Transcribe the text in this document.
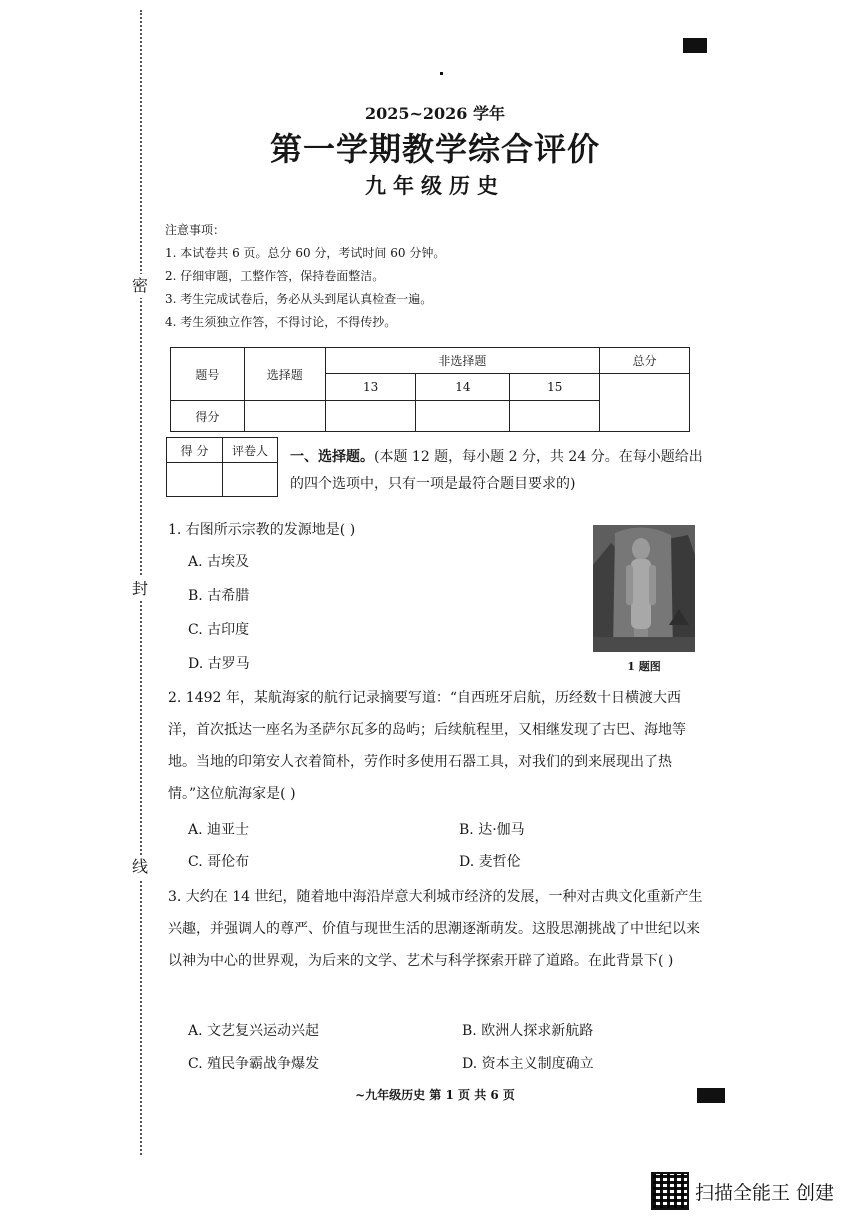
密
封
线
2025~2026 学年
第一学期教学综合评价
九年级历史
注意事项：
1. 本试卷共 6 页。总分 60 分，考试时间 60 分钟。
2. 仔细审题，工整作答，保持卷面整洁。
3. 考生完成试卷后，务必从头到尾认真检查一遍。
4. 考生须独立作答，不得讨论，不得传抄。
题号	选择题	非选择题			总分
		13	14	15	
得分					
得 分	评卷人
	一、选择题。(本题 12 题，每小题 2 分，共 24 分。在每小题给出的四个选项中，只有一项是最符合题目要求的)
1. 右图所示宗教的发源地是( )
A. 古埃及
B. 古希腊
C. 古印度
D. 古罗马	1 题图
2. 1492 年，某航海家的航行记录摘要写道：“自西班牙启航，历经数十日横渡大西洋，首次抵达一座名为圣萨尔瓦多的岛屿；后续航程里，又相继发现了古巴、海地等地。当地的印第安人衣着简朴，劳作时多使用石器工具，对我们的到来展现出了热情。”这位航海家是( )
A. 迪亚士	B. 达·伽马
C. 哥伦布	D. 麦哲伦
3. 大约在 14 世纪，随着地中海沿岸意大利城市经济的发展，一种对古典文化重新产生兴趣，并强调人的尊严、价值与现世生活的思潮逐渐萌发。这股思潮挑战了中世纪以来以神为中心的世界观，为后来的文学、艺术与科学探索开辟了道路。在此背景下( )
A. 文艺复兴运动兴起	B. 欧洲人探求新航路
C. 殖民争霸战争爆发	D. 资本主义制度确立
~九年级历史 第 1 页 共 6 页
扫描全能王 创建
